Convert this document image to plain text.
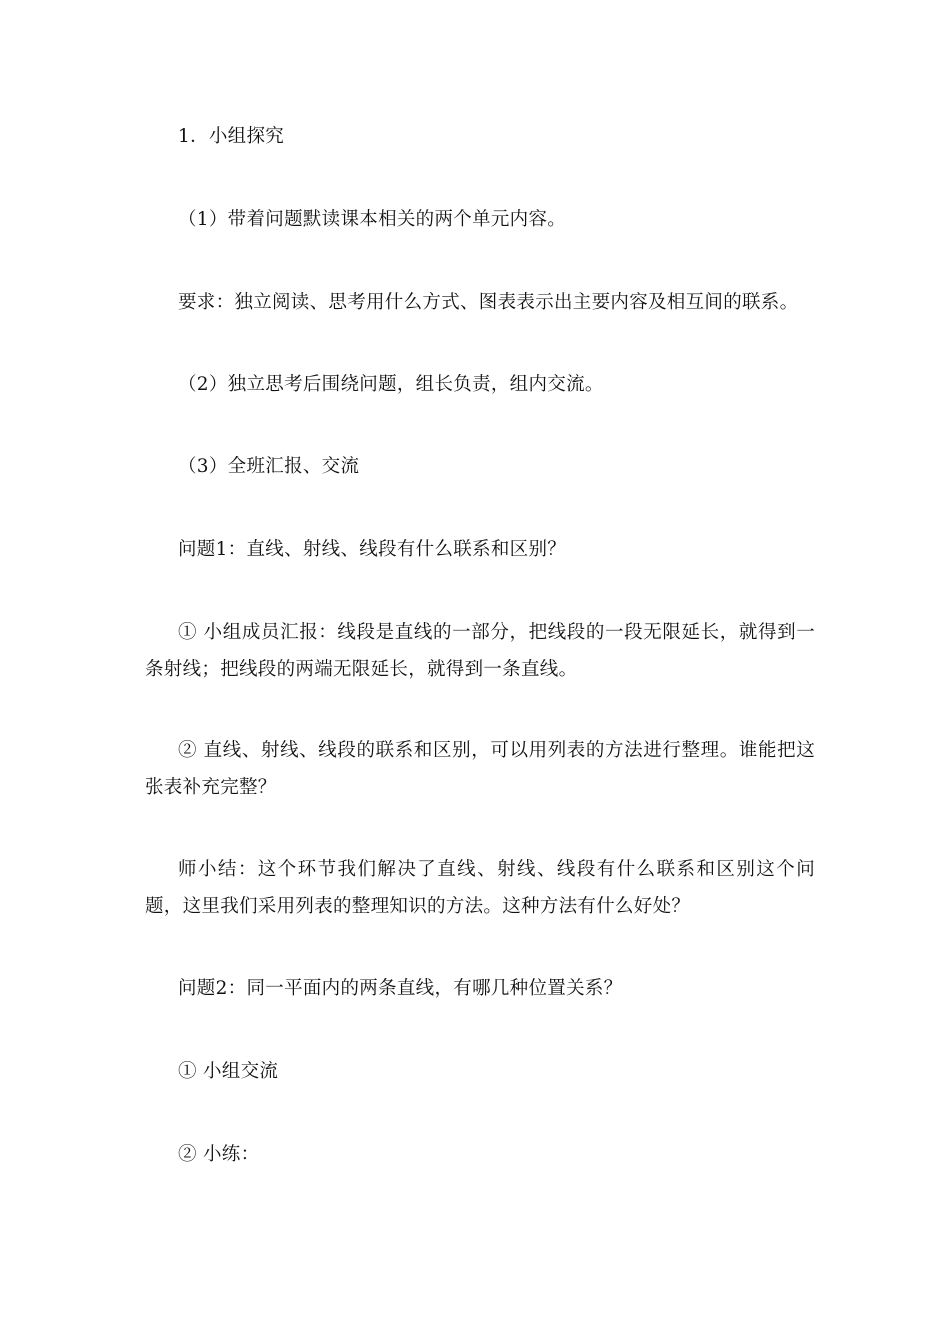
1．小组探究

（1）带着问题默读课本相关的两个单元内容。

要求：独立阅读、思考用什么方式、图表表示出主要内容及相互间的联系。

（2）独立思考后围绕问题，组长负责，组内交流。

（3）全班汇报、交流

问题1：直线、射线、线段有什么联系和区别？

① 小组成员汇报：线段是直线的一部分，把线段的一段无限延长，就得到一条射线；把线段的两端无限延长，就得到一条直线。

② 直线、射线、线段的联系和区别，可以用列表的方法进行整理。谁能把这张表补充完整？

师小结：这个环节我们解决了直线、射线、线段有什么联系和区别这个问题，这里我们采用列表的整理知识的方法。这种方法有什么好处？

问题2：同一平面内的两条直线，有哪几种位置关系？

① 小组交流

② 小练：
